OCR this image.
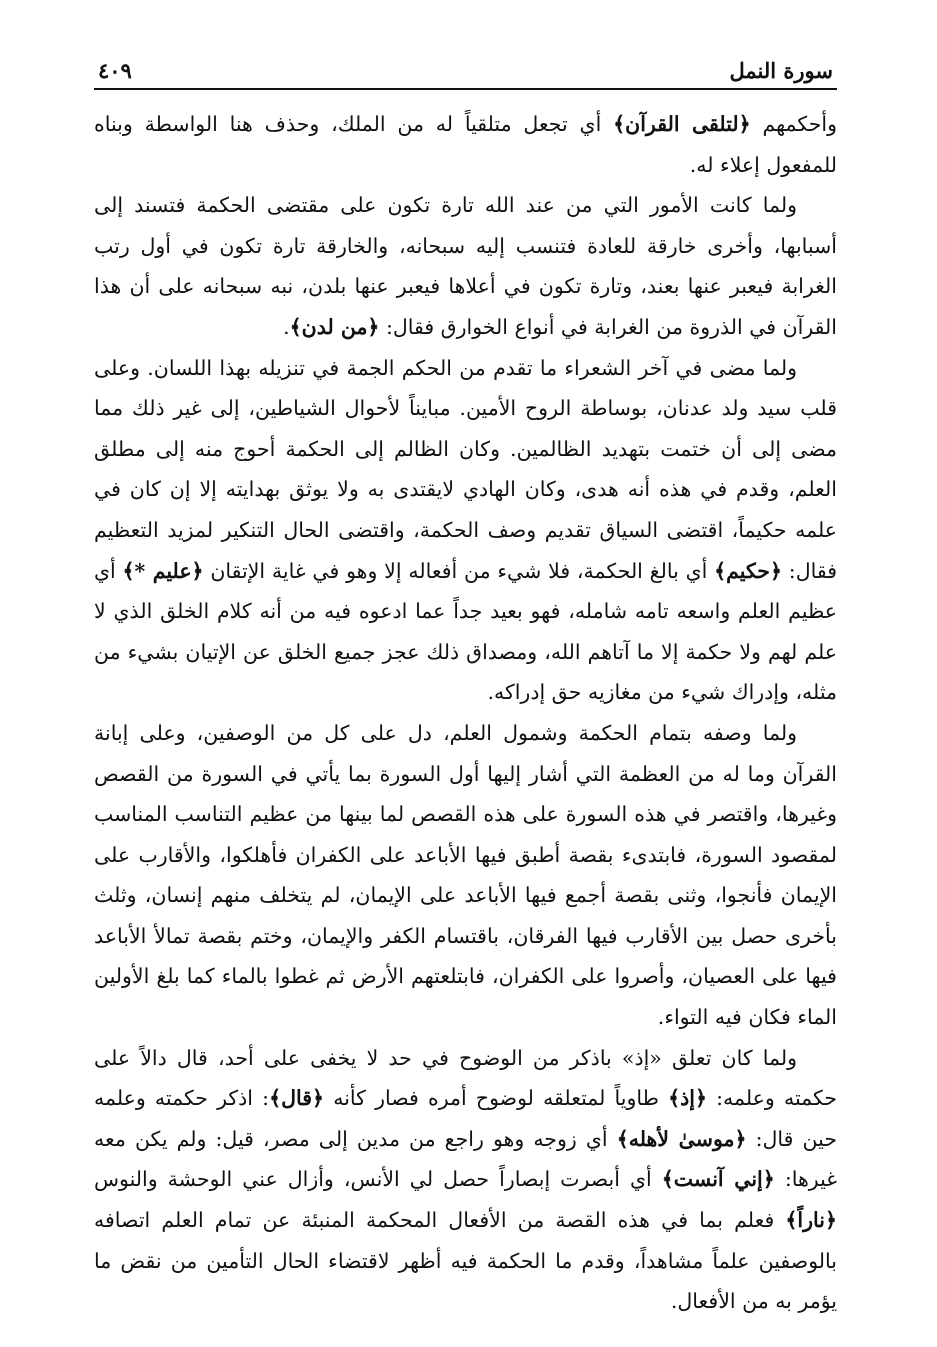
سورة النمل
٤٠٩

وأحكمهم ﴿لتلقى القرآن﴾ أي تجعل متلقياً له من الملك، وحذف هنا الواسطة وبناه للمفعول إعلاء له.

ولما كانت الأمور التي من عند الله تارة تكون على مقتضى الحكمة فتسند إلى أسبابها، وأخرى خارقة للعادة فتنسب إليه سبحانه، والخارقة تارة تكون في أول رتب الغرابة فيعبر عنها بعند، وتارة تكون في أعلاها فيعبر عنها بلدن، نبه سبحانه على أن هذا القرآن في الذروة من الغرابة في أنواع الخوارق فقال: ﴿من لدن﴾.

ولما مضى في آخر الشعراء ما تقدم من الحكم الجمة في تنزيله بهذا اللسان. وعلى قلب سيد ولد عدنان، بوساطة الروح الأمين. مبايناً لأحوال الشياطين، إلى غير ذلك مما مضى إلى أن ختمت بتهديد الظالمين. وكان الظالم إلى الحكمة أحوج منه إلى مطلق العلم، وقدم في هذه أنه هدى، وكان الهادي لايقتدى به ولا يوثق بهدايته إلا إن كان في علمه حكيماً، اقتضى السياق تقديم وصف الحكمة، واقتضى الحال التنكير لمزيد التعظيم فقال: ﴿حكيم﴾ أي بالغ الحكمة، فلا شيء من أفعاله إلا وهو في غاية الإتقان ﴿عليم *﴾ أي عظيم العلم واسعه تامه شامله، فهو بعيد جداً عما ادعوه فيه من أنه كلام الخلق الذي لا علم لهم ولا حكمة إلا ما آتاهم الله، ومصداق ذلك عجز جميع الخلق عن الإتيان بشيء من مثله، وإدراك شيء من مغازيه حق إدراكه.

ولما وصفه بتمام الحكمة وشمول العلم، دل على كل من الوصفين، وعلى إبانة القرآن وما له من العظمة التي أشار إليها أول السورة بما يأتي في السورة من القصص وغيرها، واقتصر في هذه السورة على هذه القصص لما بينها من عظيم التناسب المناسب لمقصود السورة، فابتدىء بقصة أطبق فيها الأباعد على الكفران فأهلكوا، والأقارب على الإيمان فأنجوا، وثنى بقصة أجمع فيها الأباعد على الإيمان، لم يتخلف منهم إنسان، وثلث بأخرى حصل بين الأقارب فيها الفرقان، باقتسام الكفر والإيمان، وختم بقصة تمالأ الأباعد فيها على العصيان، وأصروا على الكفران، فابتلعتهم الأرض ثم غطوا بالماء كما بلغ الأولين الماء فكان فيه التواء.

ولما كان تعلق «إذ» باذكر من الوضوح في حد لا يخفى على أحد، قال دالاً على حكمته وعلمه: ﴿إذ﴾ طاوياً لمتعلقه لوضوح أمره فصار كأنه ﴿قال﴾: اذكر حكمته وعلمه حين قال: ﴿موسىٰ لأهله﴾ أي زوجه وهو راجع من مدين إلى مصر، قيل: ولم يكن معه غيرها: ﴿إني آنست﴾ أي أبصرت إبصاراً حصل لي الأنس، وأزال عني الوحشة والنوس ﴿ناراً﴾ فعلم بما في هذه القصة من الأفعال المحكمة المنبئة عن تمام العلم اتصافه بالوصفين علماً مشاهداً، وقدم ما الحكمة فيه أظهر لاقتضاء الحال التأمين من نقض ما يؤمر به من الأفعال.
